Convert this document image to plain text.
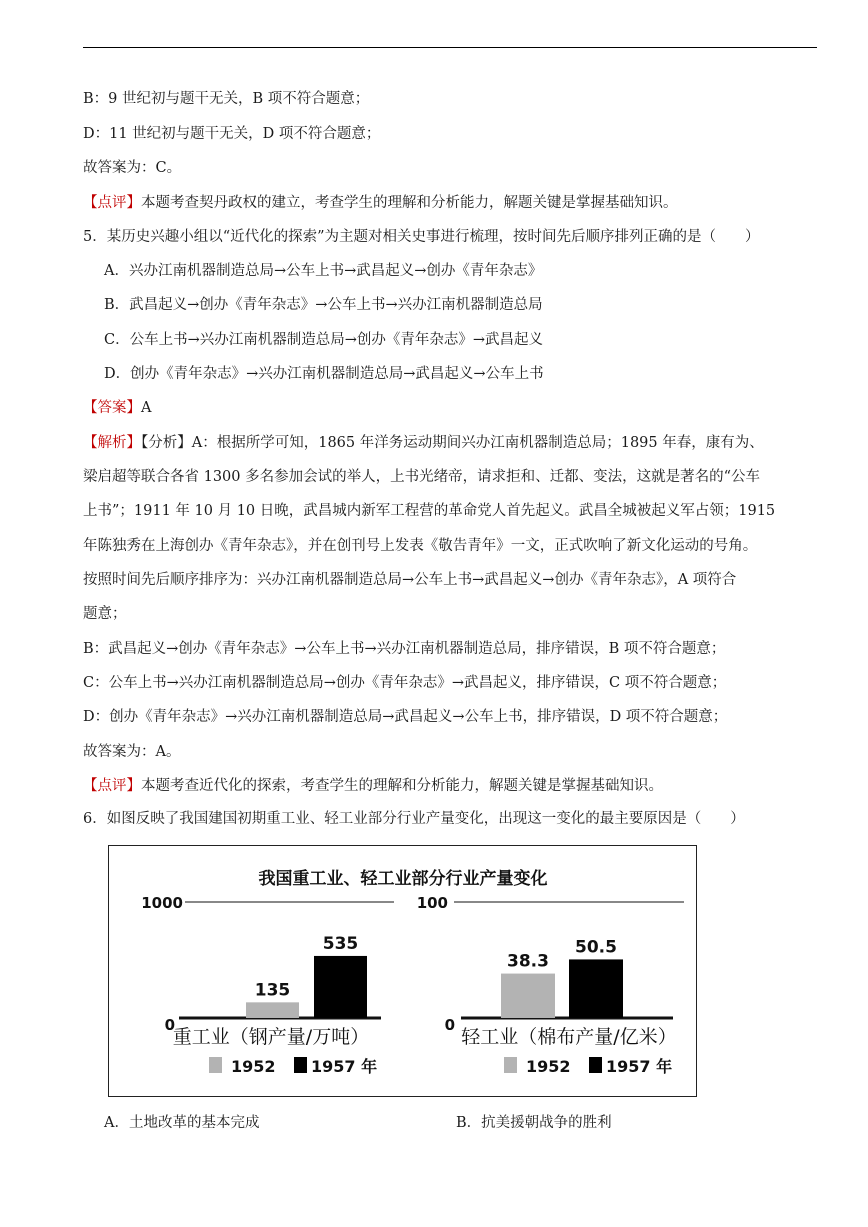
B：9 世纪初与题干无关，B 项不符合题意；
D：11 世纪初与题干无关，D 项不符合题意；
故答案为：C。
【点评】本题考查契丹政权的建立，考查学生的理解和分析能力，解题关键是掌握基础知识。
5．某历史兴趣小组以“近代化的探索”为主题对相关史事进行梳理，按时间先后顺序排列正确的是（　　）
A．兴办江南机器制造总局→公车上书→武昌起义→创办《青年杂志》
B．武昌起义→创办《青年杂志》→公车上书→兴办江南机器制造总局
C．公车上书→兴办江南机器制造总局→创办《青年杂志》→武昌起义
D．创办《青年杂志》→兴办江南机器制造总局→武昌起义→公车上书
【答案】A
【解析】【分析】A：根据所学可知，1865 年洋务运动期间兴办江南机器制造总局；1895 年春，康有为、
梁启超等联合各省 1300 多名参加会试的举人，上书光绪帝，请求拒和、迁都、变法，这就是著名的“公车
上书”；1911 年 10 月 10 日晚，武昌城内新军工程营的革命党人首先起义。武昌全城被起义军占领；1915
年陈独秀在上海创办《青年杂志》，并在创刊号上发表《敬告青年》一文，正式吹响了新文化运动的号角。
按照时间先后顺序排序为：兴办江南机器制造总局→公车上书→武昌起义→创办《青年杂志》，A 项符合
题意；
B：武昌起义→创办《青年杂志》→公车上书→兴办江南机器制造总局，排序错误，B 项不符合题意；
C：公车上书→兴办江南机器制造总局→创办《青年杂志》→武昌起义，排序错误，C 项不符合题意；
D：创办《青年杂志》→兴办江南机器制造总局→武昌起义→公车上书，排序错误，D 项不符合题意；
故答案为：A。
【点评】本题考查近代化的探索，考查学生的理解和分析能力，解题关键是掌握基础知识。
6．如图反映了我国建国初期重工业、轻工业部分行业产量变化，出现这一变化的最主要原因是（　　）
我国重工业、轻工业部分行业产量变化
1000
0
135
535
重工业（钢产量/万吨）
1952 1957 年
100
0
38.3
50.5
轻工业（棉布产量/亿米）
1952 1957 年
A．土地改革的基本完成	B．抗美援朝战争的胜利
